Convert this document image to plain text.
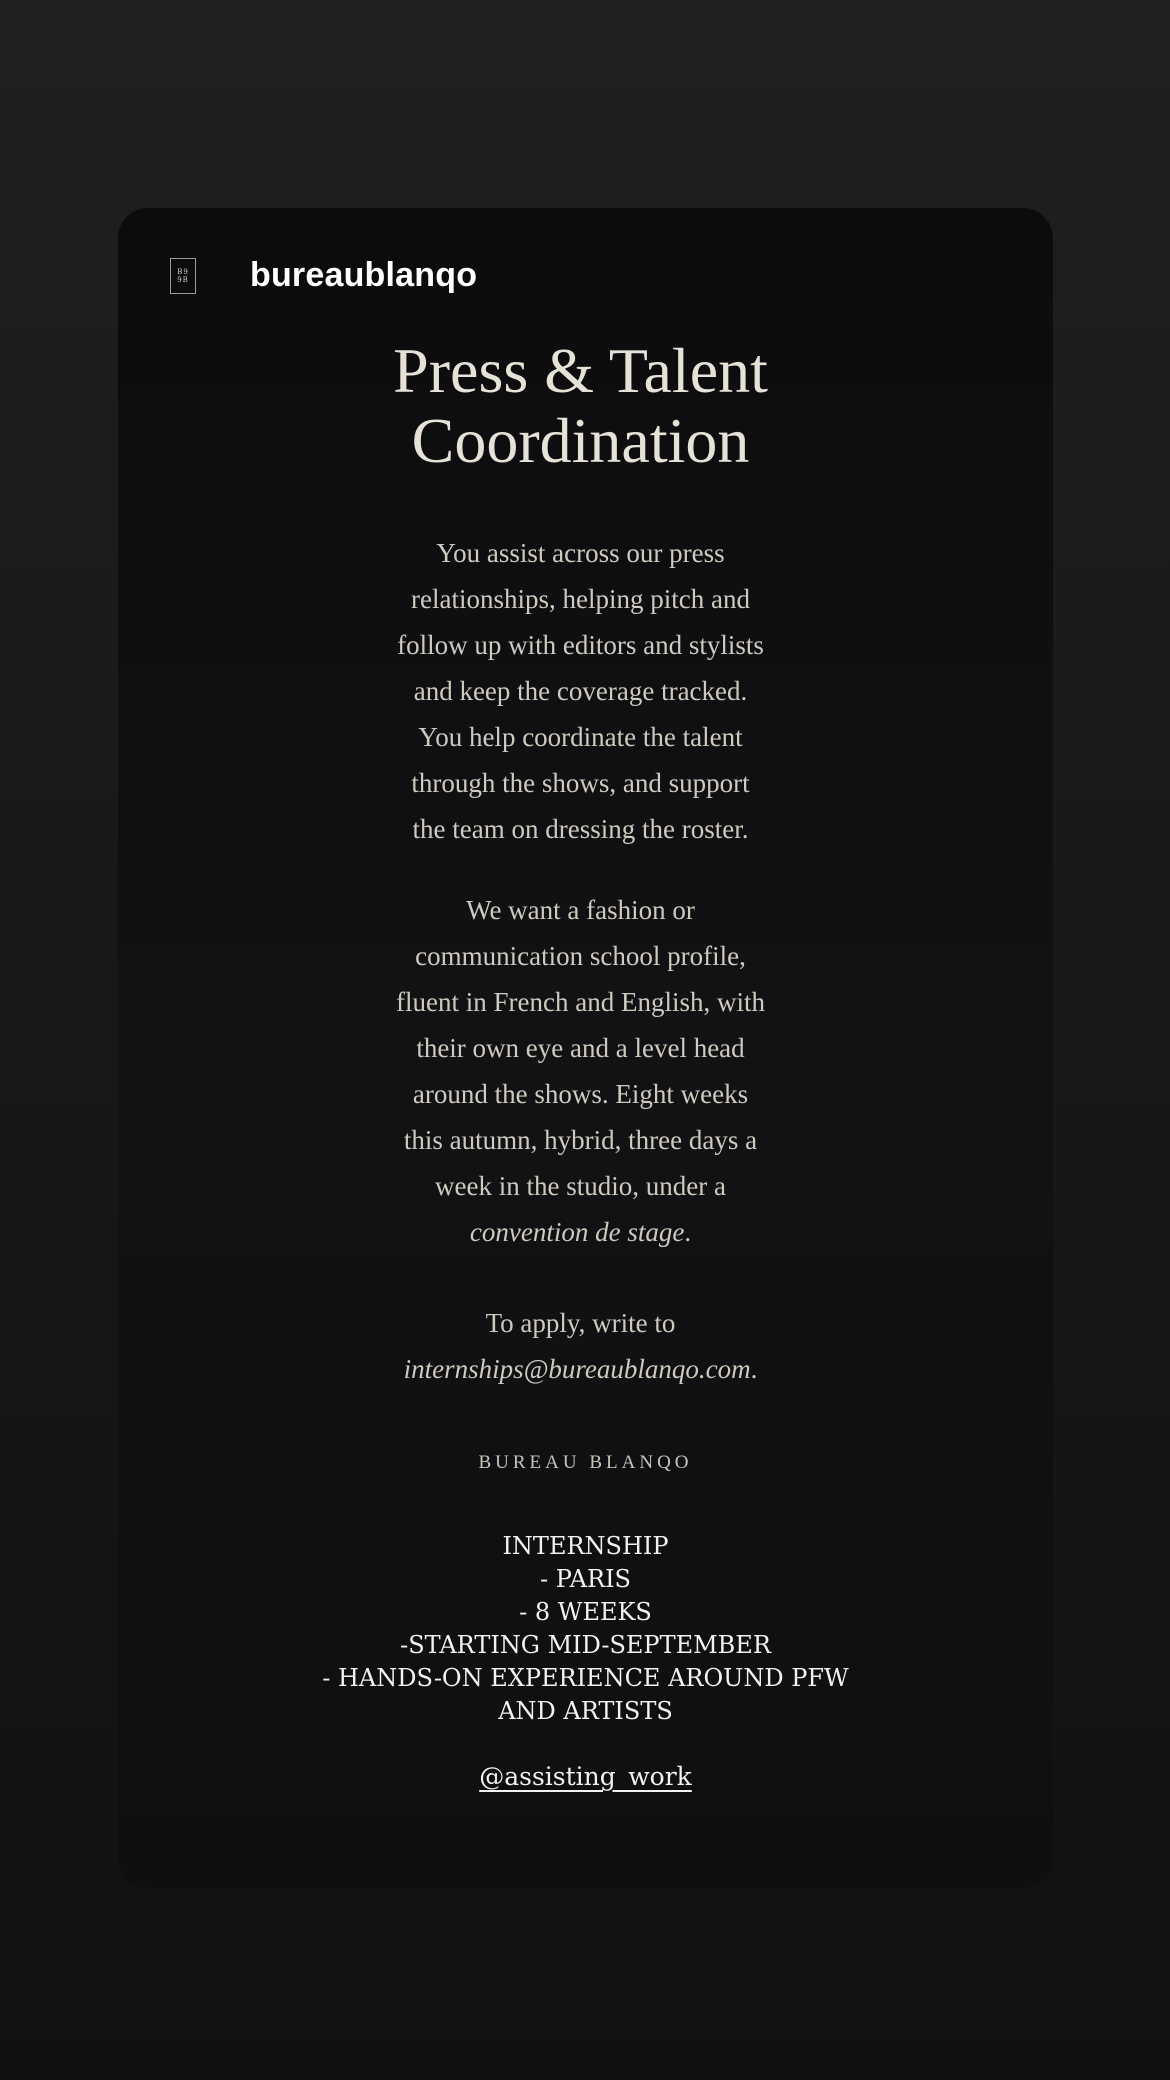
B9
9B bureaublanqo
Press & Talent
Coordination
You assist across our press
relationships, helping pitch and
follow up with editors and stylists
and keep the coverage tracked.
You help coordinate the talent
through the shows, and support
the team on dressing the roster.
We want a fashion or
communication school profile,
fluent in French and English, with
their own eye and a level head
around the shows. Eight weeks
this autumn, hybrid, three days a
week in the studio, under a
convention de stage.
To apply, write to
internships@bureaublanqo.com.
BUREAU BLANQO
INTERNSHIP
- PARIS
- 8 WEEKS
-STARTING MID-SEPTEMBER
- HANDS-ON EXPERIENCE AROUND PFW
AND ARTISTS
@assisting_work
